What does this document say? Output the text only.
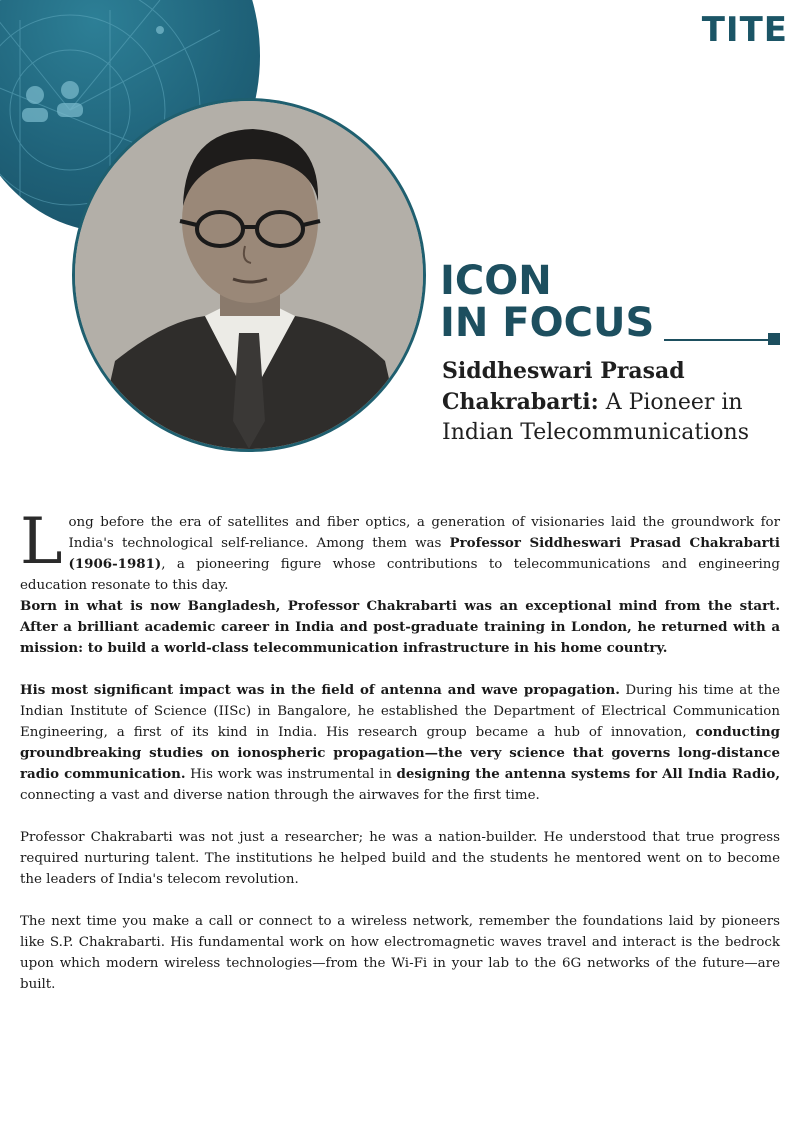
TITE
ICON
IN FOCUS
Siddheswari Prasad Chakrabarti: A Pioneer in Indian Telecommunications

Long before the era of satellites and fiber optics, a generation of visionaries laid the groundwork for India's technological self-reliance. Among them was Professor Siddheswari Prasad Chakrabarti (1906-1981), a pioneering figure whose contributions to telecommunications and engineering education resonate to this day.

Born in what is now Bangladesh, Professor Chakrabarti was an exceptional mind from the start. After a brilliant academic career in India and post-graduate training in London, he returned with a mission: to build a world-class telecommunication infrastructure in his home country.

His most significant impact was in the field of antenna and wave propagation. During his time at the Indian Institute of Science (IISc) in Bangalore, he established the Department of Electrical Communication Engineering, a first of its kind in India. His research group became a hub of innovation, conducting groundbreaking studies on ionospheric propagation—the very science that governs long-distance radio communication. His work was instrumental in designing the antenna systems for All India Radio, connecting a vast and diverse nation through the airwaves for the first time.

Professor Chakrabarti was not just a researcher; he was a nation-builder. He understood that true progress required nurturing talent. The institutions he helped build and the students he mentored went on to become the leaders of India's telecom revolution.

The next time you make a call or connect to a wireless network, remember the foundations laid by pioneers like S.P. Chakrabarti. His fundamental work on how electromagnetic waves travel and interact is the bedrock upon which modern wireless technologies—from the Wi-Fi in your lab to the 6G networks of the future—are built.
